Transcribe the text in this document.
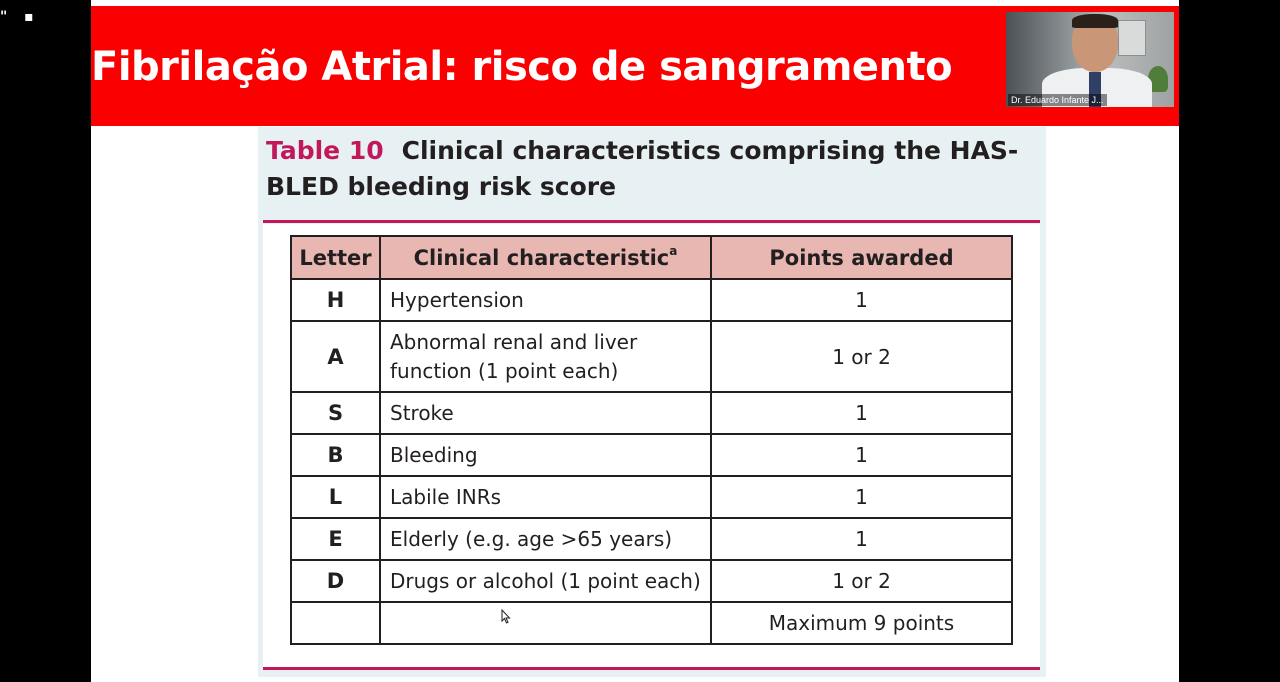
" ▪
Fibrilação Atrial: risco de sangramento
Dr. Eduardo Infante J...
Table 10 Clinical characteristics comprising the HAS-BLED bleeding risk score
Letter	Clinical characteristic$^a$	Points awarded
H	Hypertension	1
A	Abnormal renal and liver function (1 point each)	1 or 2
S	Stroke	1
B	Bleeding	1
L	Labile INRs	1
E	Elderly (e.g. age >65 years)	1
D	Drugs or alcohol (1 point each)	1 or 2
		Maximum 9 points
